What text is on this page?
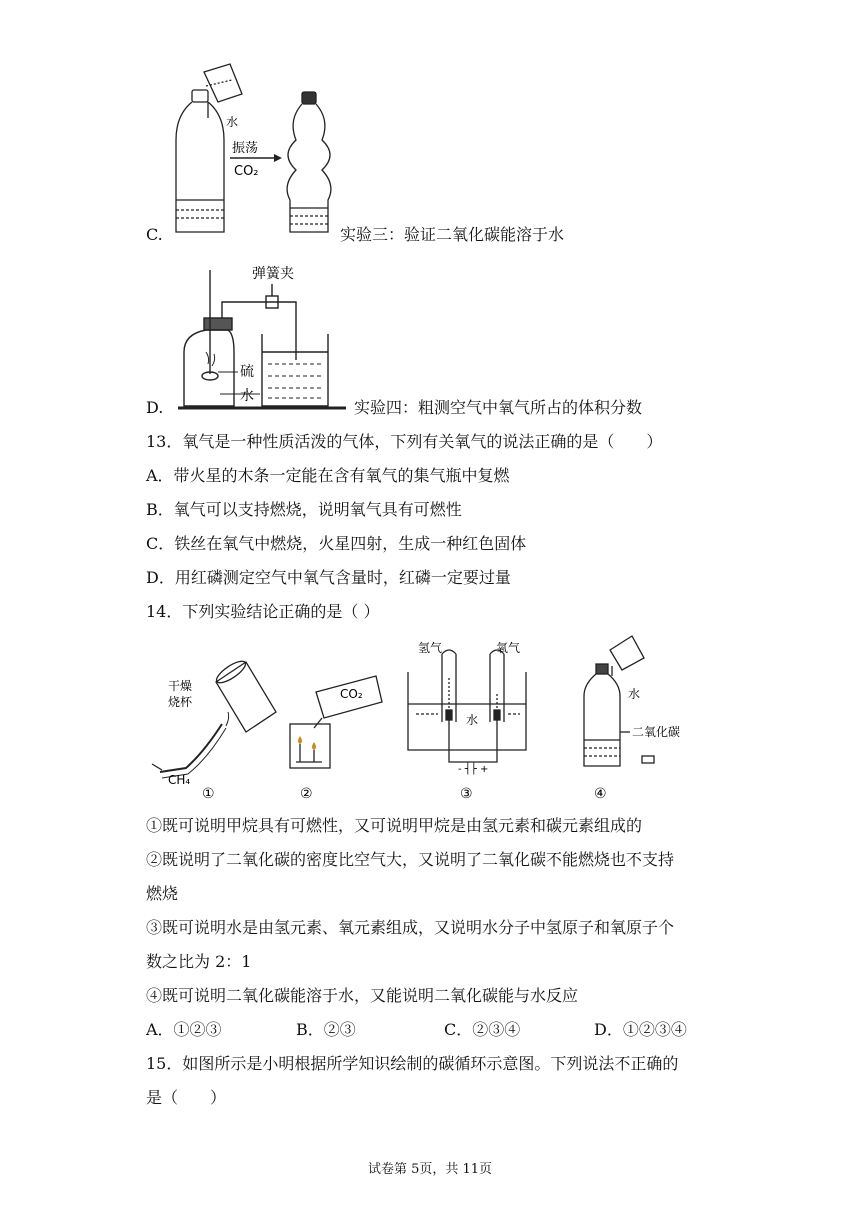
C.
水
振荡
CO₂
实验三：验证二氧化碳能溶于水
D.
弹簧夹
硫
水
实验四：粗测空气中氧气所占的体积分数
13．氧气是一种性质活泼的气体，下列有关氧气的说法正确的是（　　）
A．带火星的木条一定能在含有氧气的集气瓶中复燃
B．氧气可以支持燃烧，说明氧气具有可燃性
C．铁丝在氧气中燃烧，火星四射，生成一种红色固体
D．用红磷测定空气中氧气含量时，红磷一定要过量
14．下列实验结论正确的是（ ）
干燥
烧杯
CH₄
①
CO₂
②
氢气	氧气
水
- ┤├ +
③
水
二氧化碳
④
①既可说明甲烷具有可燃性，又可说明甲烷是由氢元素和碳元素组成的
②既说明了二氧化碳的密度比空气大，又说明了二氧化碳不能燃烧也不支持
燃烧
③既可说明水是由氢元素、氧元素组成，又说明水分子中氢原子和氧原子个
数之比为 2：1
④既可说明二氧化碳能溶于水，又能说明二氧化碳能与水反应
A．①②③	B．②③	C．②③④	D．①②③④
15．如图所示是小明根据所学知识绘制的碳循环示意图。下列说法不正确的
是（　　）
试卷第 5页，共 11页
